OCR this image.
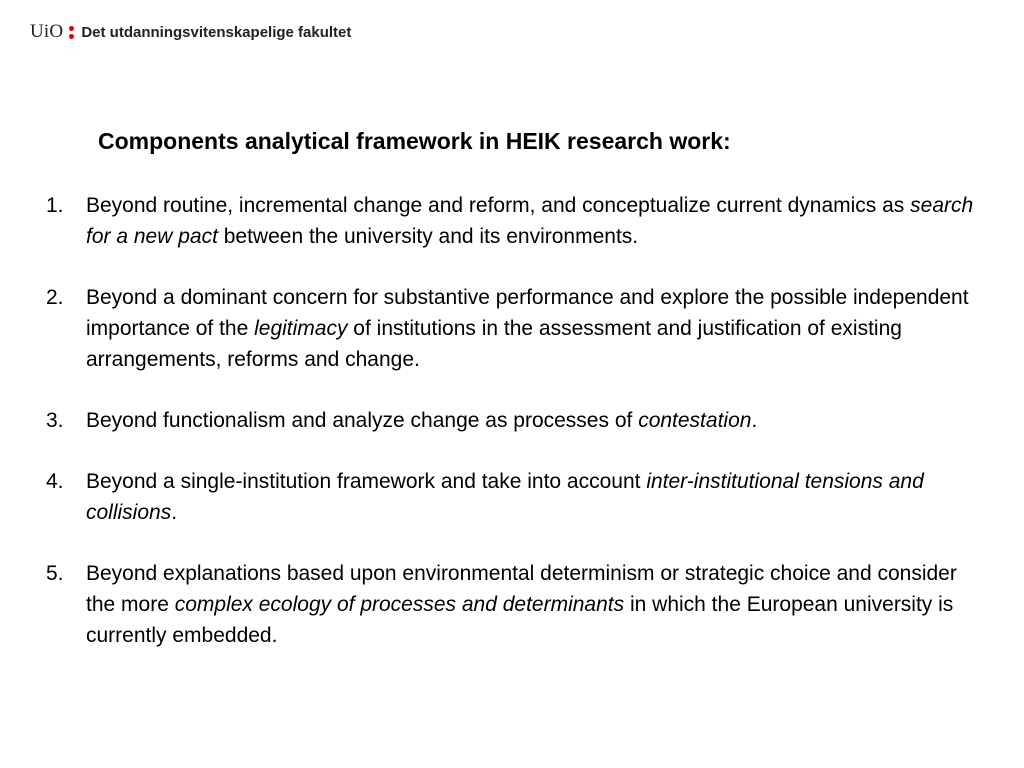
UiO Det utdanningsvitenskapelige fakultet
Components analytical framework in HEIK research work:
1. Beyond routine, incremental change and reform, and conceptualize current dynamics as search for a new pact between the university and its environments.
2. Beyond a dominant concern for substantive performance and explore the possible independent importance of the legitimacy of institutions in the assessment and justification of existing arrangements, reforms and change.
3. Beyond functionalism and analyze change as processes of contestation.
4. Beyond a single-institution framework and take into account inter-institutional tensions and collisions.
5. Beyond explanations based upon environmental determinism or strategic choice and consider the more complex ecology of processes and determinants in which the European university is currently embedded.
